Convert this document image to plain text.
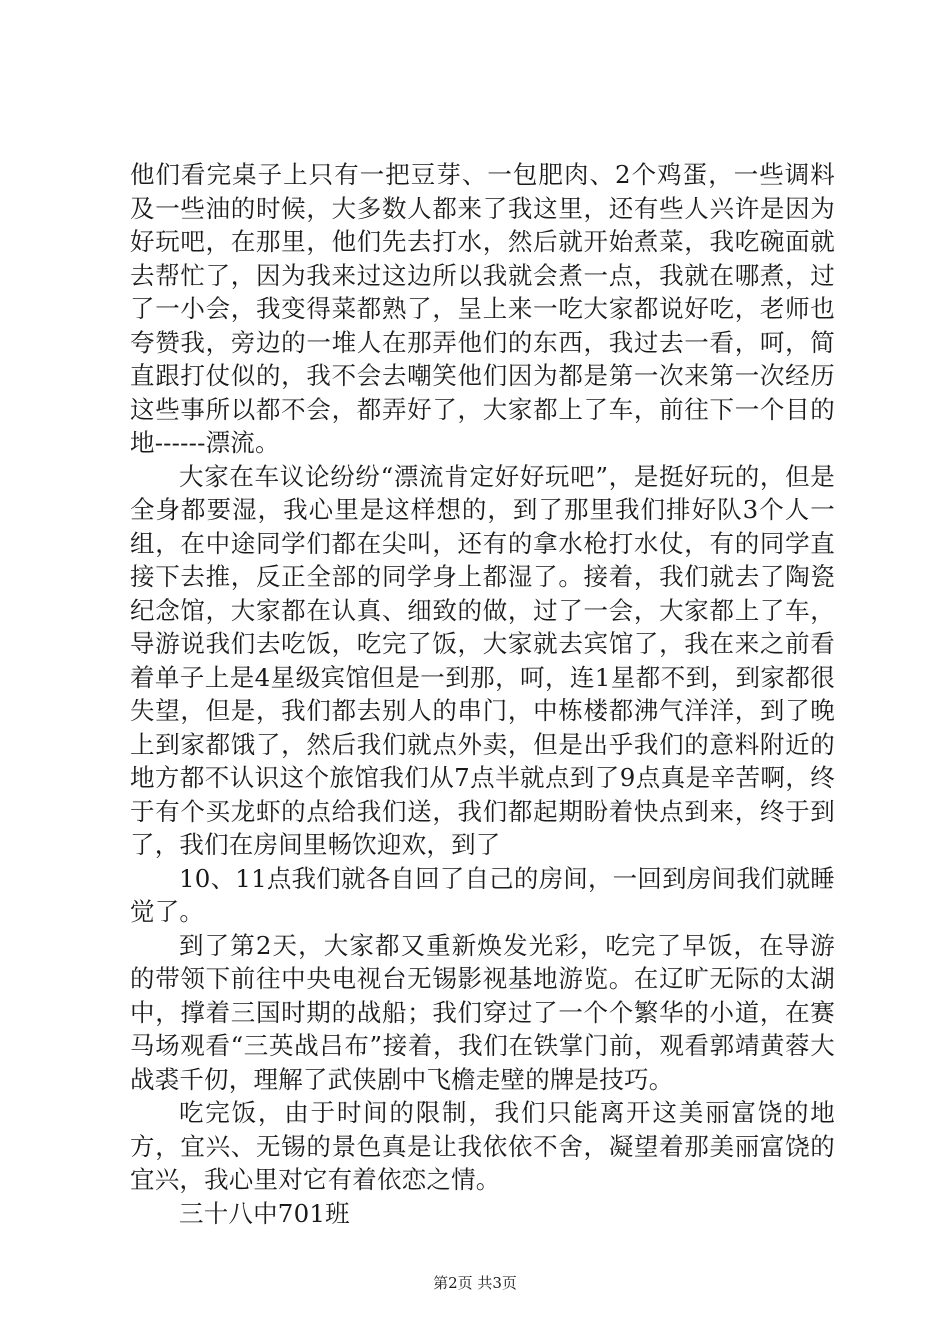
他们看完桌子上只有一把豆芽、一包肥肉、2个鸡蛋，一些调料及一些油的时候，大多数人都来了我这里，还有些人兴许是因为好玩吧，在那里，他们先去打水，然后就开始煮菜，我吃碗面就去帮忙了，因为我来过这边所以我就会煮一点，我就在哪煮，过了一小会，我变得菜都熟了，呈上来一吃大家都说好吃，老师也夸赞我，旁边的一堆人在那弄他们的东西，我过去一看，呵，简直跟打仗似的，我不会去嘲笑他们因为都是第一次来第一次经历这些事所以都不会，都弄好了，大家都上了车，前往下一个目的地------漂流。

大家在车议论纷纷“漂流肯定好好玩吧”，是挺好玩的，但是全身都要湿，我心里是这样想的，到了那里我们排好队3个人一组，在中途同学们都在尖叫，还有的拿水枪打水仗，有的同学直接下去推，反正全部的同学身上都湿了。接着，我们就去了陶瓷纪念馆，大家都在认真、细致的做，过了一会，大家都上了车，导游说我们去吃饭，吃完了饭，大家就去宾馆了，我在来之前看着单子上是4星级宾馆但是一到那，呵，连1星都不到，到家都很失望，但是，我们都去别人的串门，中栋楼都沸气洋洋，到了晚上到家都饿了，然后我们就点外卖，但是出乎我们的意料附近的地方都不认识这个旅馆我们从7点半就点到了9点真是辛苦啊，终于有个买龙虾的点给我们送，我们都起期盼着快点到来，终于到了，我们在房间里畅饮迎欢，到了

10、11点我们就各自回了自己的房间，一回到房间我们就睡觉了。

到了第2天，大家都又重新焕发光彩，吃完了早饭，在导游的带领下前往中央电视台无锡影视基地游览。在辽旷无际的太湖中，撑着三国时期的战船；我们穿过了一个个繁华的小道，在赛马场观看“三英战吕布”接着，我们在铁掌门前，观看郭靖黄蓉大战裘千仞，理解了武侠剧中飞檐走壁的牌是技巧。

吃完饭，由于时间的限制，我们只能离开这美丽富饶的地方，宜兴、无锡的景色真是让我依依不舍，凝望着那美丽富饶的宜兴，我心里对它有着依恋之情。

三十八中701班

第2页 共3页
